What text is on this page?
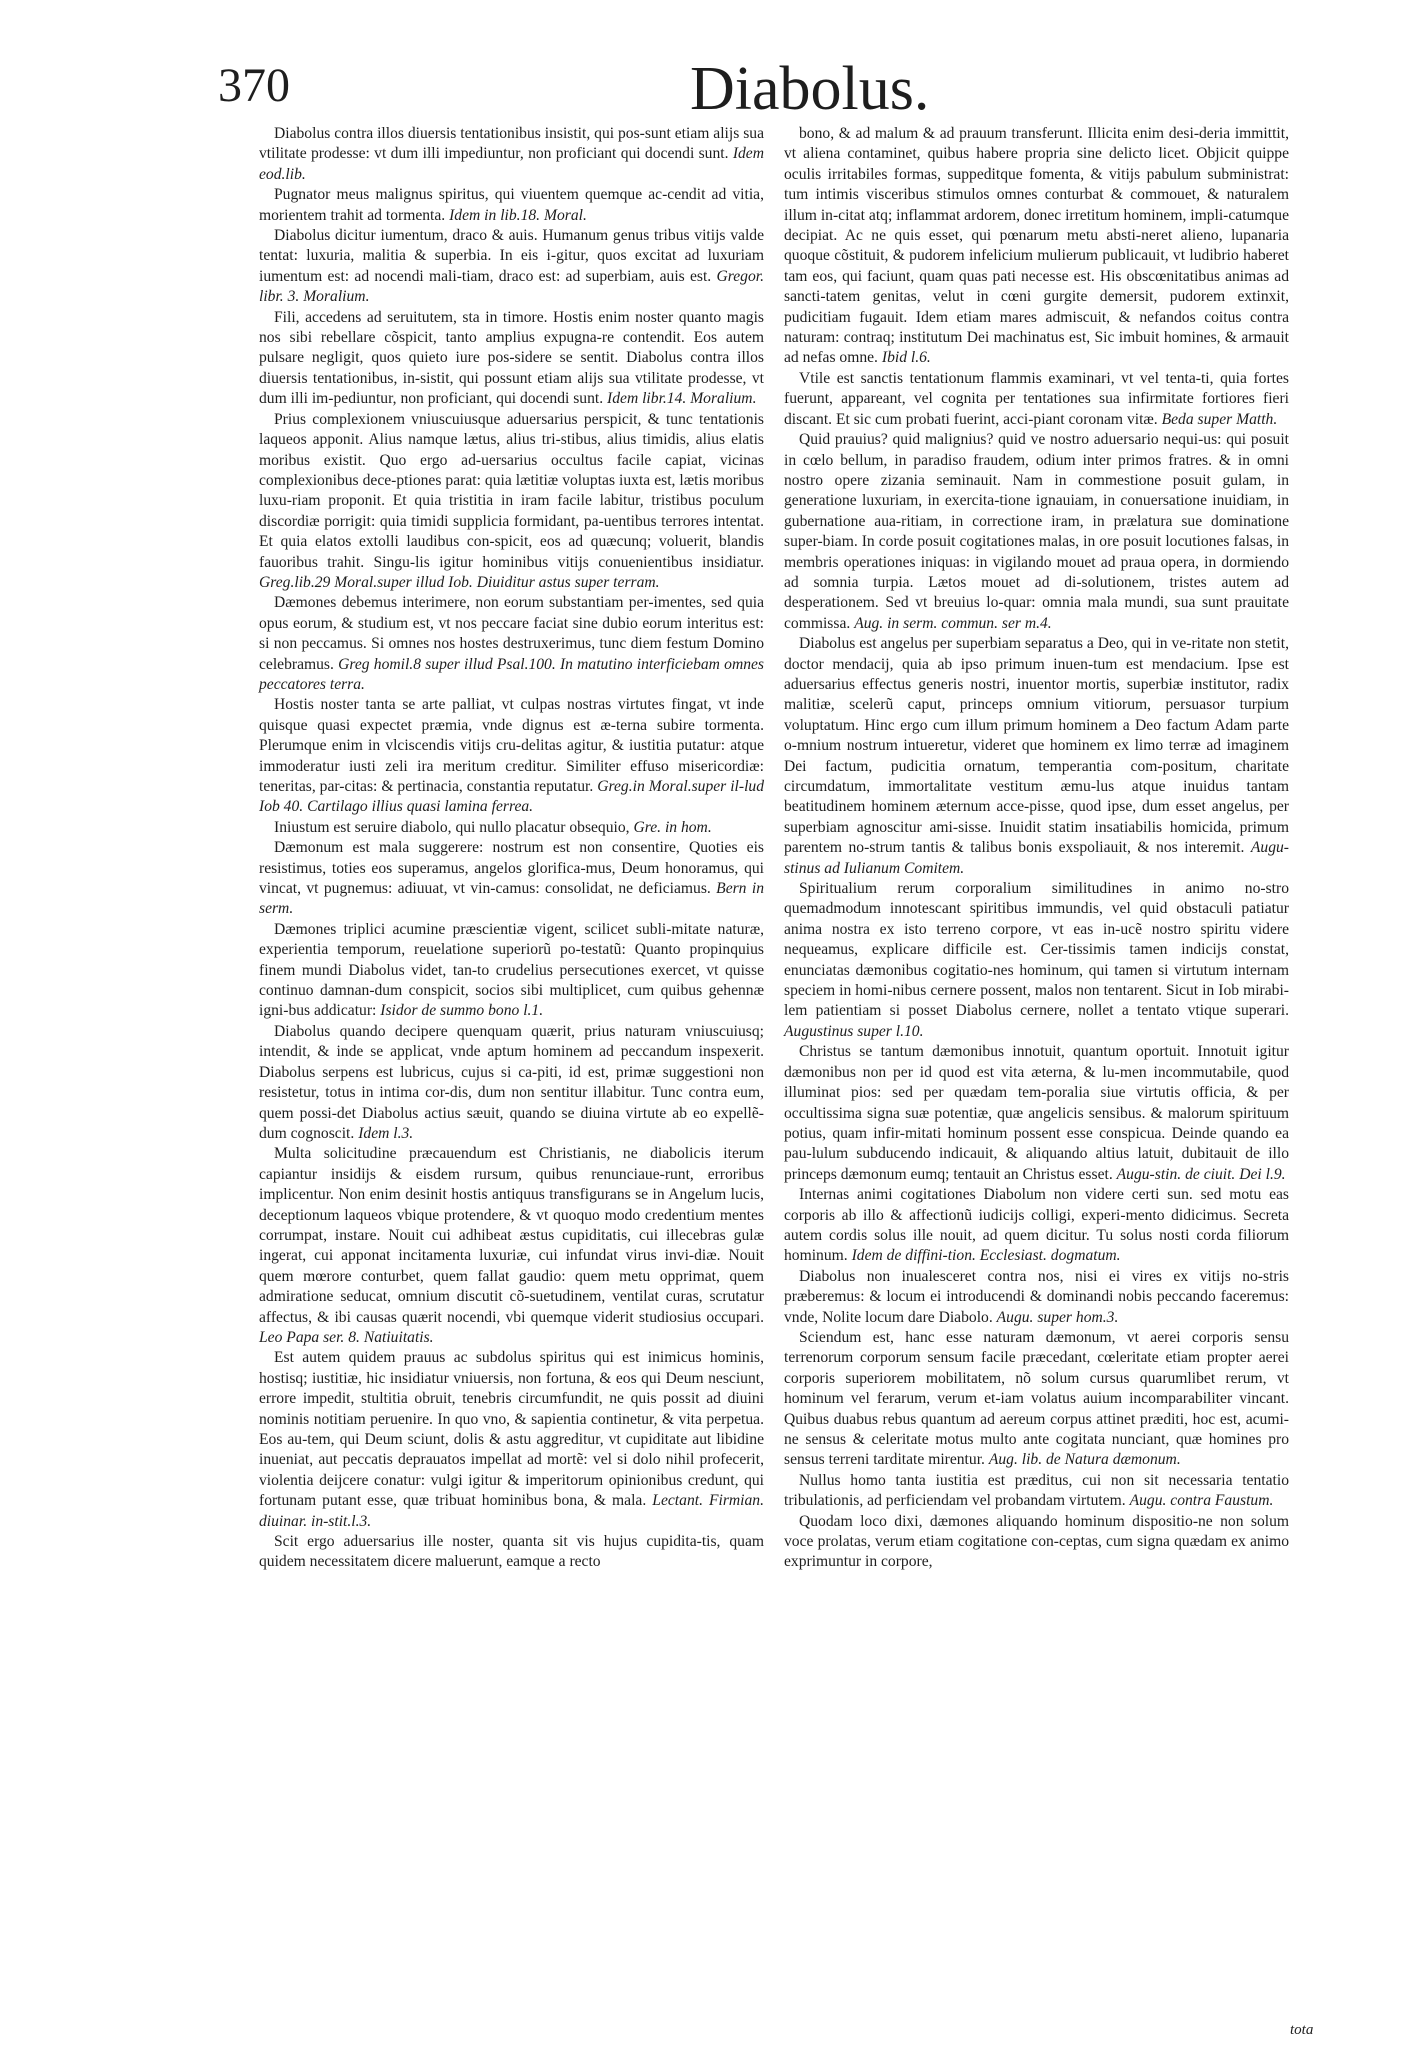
370	Diabolus.

Diabolus contra illos diuersis tentationibus insistit, qui pos-sunt etiam alijs sua vtilitate prodesse: vt dum illi impediuntur, non proficiant qui docendi sunt. Idem eod.lib.

Pugnator meus malignus spiritus, qui viuentem quemque ac-cendit ad vitia, morientem trahit ad tormenta. Idem in lib.18. Moral.

Diabolus dicitur iumentum, draco & auis. Humanum genus tribus vitijs valde tentat: luxuria, malitia & superbia. In eis i-gitur, quos excitat ad luxuriam iumentum est: ad nocendi mali-tiam, draco est: ad superbiam, auis est. Gregor. libr. 3. Moralium.

Fili, accedens ad seruitutem, sta in timore. Hostis enim noster quanto magis nos sibi rebellare cõspicit, tanto amplius expugna-re contendit. Eos autem pulsare negligit, quos quieto iure pos-sidere se sentit. Diabolus contra illos diuersis tentationibus, in-sistit, qui possunt etiam alijs sua vtilitate prodesse, vt dum illi im-pediuntur, non proficiant, qui docendi sunt. Idem libr.14. Moralium.

Prius complexionem vniuscuiusque aduersarius perspicit, & tunc tentationis laqueos apponit. Alius namque lætus, alius tri-stibus, alius timidis, alius elatis moribus existit. Quo ergo ad-uersarius occultus facile capiat, vicinas complexionibus dece-ptiones parat: quia lætitiæ voluptas iuxta est, lætis moribus luxu-riam proponit. Et quia tristitia in iram facile labitur, tristibus poculum discordiæ porrigit: quia timidi supplicia formidant, pa-uentibus terrores intentat. Et quia elatos extolli laudibus con-spicit, eos ad quæcunq; voluerit, blandis fauoribus trahit. Singu-lis igitur hominibus vitijs conuenientibus insidiatur. Greg.lib.29 Moral.super illud Iob. Diuiditur astus super terram.

Dæmones debemus interimere, non eorum substantiam per-imentes, sed quia opus eorum, & studium est, vt nos peccare faciat sine dubio eorum interitus est: si non peccamus. Si omnes nos hostes destruxerimus, tunc diem festum Domino celebramus. Greg homil.8 super illud Psal.100. In matutino interficiebam omnes peccatores terra.

Hostis noster tanta se arte palliat, vt culpas nostras virtutes fingat, vt inde quisque quasi expectet præmia, vnde dignus est æ-terna subire tormenta. Plerumque enim in vlciscendis vitijs cru-delitas agitur, & iustitia putatur: atque immoderatur iusti zeli ira meritum creditur. Similiter effuso misericordiæ: teneritas, par-citas: & pertinacia, constantia reputatur. Greg.in Moral.super il-lud Iob 40. Cartilago illius quasi lamina ferrea.

Iniustum est seruire diabolo, qui nullo placatur obsequio, Gre. in hom.

Dæmonum est mala suggerere: nostrum est non consentire, Quoties eis resistimus, toties eos superamus, angelos glorifica-mus, Deum honoramus, qui vincat, vt pugnemus: adiuuat, vt vin-camus: consolidat, ne deficiamus. Bern in serm.

Dæmones triplici acumine præscientiæ vigent, scilicet subli-mitate naturæ, experientia temporum, reuelatione superiorũ po-testatũ: Quanto propinquius finem mundi Diabolus videt, tan-to crudelius persecutiones exercet, vt quisse continuo damnan-dum conspicit, socios sibi multiplicet, cum quibus gehennæ igni-bus addicatur: Isidor de summo bono l.1.

Diabolus quando decipere quenquam quærit, prius naturam vniuscuiusq; intendit, & inde se applicat, vnde aptum hominem ad peccandum inspexerit. Diabolus serpens est lubricus, cujus si ca-piti, id est, primæ suggestioni non resistetur, totus in intima cor-dis, dum non sentitur illabitur. Tunc contra eum, quem possi-det Diabolus actius sæuit, quando se diuina virtute ab eo expellẽ-dum cognoscit. Idem l.3.

Multa solicitudine præcauendum est Christianis, ne diabolicis iterum capiantur insidijs & eisdem rursum, quibus renunciaue-runt, erroribus implicentur. Non enim desinit hostis antiquus transfigurans se in Angelum lucis, deceptionum laqueos vbique protendere, & vt quoquo modo credentium mentes corrumpat, instare. Nouit cui adhibeat æstus cupiditatis, cui illecebras gulæ ingerat, cui apponat incitamenta luxuriæ, cui infundat virus invi-diæ. Nouit quem mœrore conturbet, quem fallat gaudio: quem metu opprimat, quem admiratione seducat, omnium discutit cõ-suetudinem, ventilat curas, scrutatur affectus, & ibi causas quærit nocendi, vbi quemque viderit studiosius occupari. Leo Papa ser. 8. Natiuitatis.

Est autem quidem prauus ac subdolus spiritus qui est inimicus hominis, hostisq; iustitiæ, hic insidiatur vniuersis, non fortuna, & eos qui Deum nesciunt, errore impedit, stultitia obruit, tenebris circumfundit, ne quis possit ad diuini nominis notitiam peruenire. In quo vno, & sapientia continetur, & vita perpetua. Eos au-tem, qui Deum sciunt, dolis & astu aggreditur, vt cupiditate aut libidine inueniat, aut peccatis deprauatos impellat ad mortẽ: vel si dolo nihil profecerit, violentia deijcere conatur: vulgi igitur & imperitorum opinionibus credunt, qui fortunam putant esse, quæ tribuat hominibus bona, & mala. Lectant. Firmian. diuinar. in-stit.l.3.

Scit ergo aduersarius ille noster, quanta sit vis hujus cupidita-tis, quam quidem necessitatem dicere maluerunt, eamque a recto

bono, & ad malum & ad prauum transferunt. Illicita enim desi-deria immittit, vt aliena contaminet, quibus habere propria sine delicto licet. Objicit quippe oculis irritabiles formas, suppeditque fomenta, & vitijs pabulum subministrat: tum intimis visceribus stimulos omnes conturbat & commouet, & naturalem illum in-citat atq; inflammat ardorem, donec irretitum hominem, impli-catumque decipiat. Ac ne quis esset, qui pœnarum metu absti-neret alieno, lupanaria quoque cõstituit, & pudorem infelicium mulierum publicauit, vt ludibrio haberet tam eos, qui faciunt, quam quas pati necesse est. His obscœnitatibus animas ad sancti-tatem genitas, velut in cœni gurgite demersit, pudorem extinxit, pudicitiam fugauit. Idem etiam mares admiscuit, & nefandos coitus contra naturam: contraq; institutum Dei machinatus est, Sic imbuit homines, & armauit ad nefas omne. Ibid l.6.

Vtile est sanctis tentationum flammis examinari, vt vel tenta-ti, quia fortes fuerunt, appareant, vel cognita per tentationes sua infirmitate fortiores fieri discant. Et sic cum probati fuerint, acci-piant coronam vitæ. Beda super Matth.

Quid prauius? quid malignius? quid ve nostro aduersario nequi-us: qui posuit in cœlo bellum, in paradiso fraudem, odium inter primos fratres. & in omni nostro opere zizania seminauit. Nam in commestione posuit gulam, in generatione luxuriam, in exercita-tione ignauiam, in conuersatione inuidiam, in gubernatione aua-ritiam, in correctione iram, in prælatura sue dominatione super-biam. In corde posuit cogitationes malas, in ore posuit locutiones falsas, in membris operationes iniquas: in vigilando mouet ad praua opera, in dormiendo ad somnia turpia. Lætos mouet ad di-solutionem, tristes autem ad desperationem. Sed vt breuius lo-quar: omnia mala mundi, sua sunt prauitate commissa. Aug. in serm. commun. ser m.4.

Diabolus est angelus per superbiam separatus a Deo, qui in ve-ritate non stetit, doctor mendacij, quia ab ipso primum inuen-tum est mendacium. Ipse est aduersarius effectus generis nostri, inuentor mortis, superbiæ institutor, radix malitiæ, scelerũ caput, princeps omnium vitiorum, persuasor turpium voluptatum. Hinc ergo cum illum primum hominem a Deo factum Adam parte o-mnium nostrum intueretur, videret que hominem ex limo terræ ad imaginem Dei factum, pudicitia ornatum, temperantia com-positum, charitate circumdatum, immortalitate vestitum æmu-lus atque inuidus tantam beatitudinem hominem æternum acce-pisse, quod ipse, dum esset angelus, per superbiam agnoscitur ami-sisse. Inuidit statim insatiabilis homicida, primum parentem no-strum tantis & talibus bonis exspoliauit, & nos interemit. Augu-stinus ad Iulianum Comitem.

Spiritualium rerum corporalium similitudines in animo no-stro quemadmodum innotescant spiritibus immundis, vel quid obstaculi patiatur anima nostra ex isto terreno corpore, vt eas in-ucẽ nostro spiritu videre nequeamus, explicare difficile est. Cer-tissimis tamen indicijs constat, enunciatas dæmonibus cogitatio-nes hominum, qui tamen si virtutum internam speciem in homi-nibus cernere possent, malos non tentarent. Sicut in Iob mirabi-lem patientiam si posset Diabolus cernere, nollet a tentato vtique superari. Augustinus super l.10.

Christus se tantum dæmonibus innotuit, quantum oportuit. Innotuit igitur dæmonibus non per id quod est vita æterna, & lu-men incommutabile, quod illuminat pios: sed per quædam tem-poralia siue virtutis officia, & per occultissima signa suæ potentiæ, quæ angelicis sensibus. & malorum spirituum potius, quam infir-mitati hominum possent esse conspicua. Deinde quando ea pau-lulum subducendo indicauit, & aliquando altius latuit, dubitauit de illo princeps dæmonum eumq; tentauit an Christus esset. Augu-stin. de ciuit. Dei l.9.

Internas animi cogitationes Diabolum non videre certi sun. sed motu eas corporis ab illo & affectionũ iudicijs colligi, experi-mento didicimus. Secreta autem cordis solus ille nouit, ad quem dicitur. Tu solus nosti corda filiorum hominum. Idem de diffini-tion. Ecclesiast. dogmatum.

Diabolus non inualesceret contra nos, nisi ei vires ex vitijs no-stris præberemus: & locum ei introducendi & dominandi nobis peccando faceremus: vnde, Nolite locum dare Diabolo. Augu. super hom.3.

Sciendum est, hanc esse naturam dæmonum, vt aerei corporis sensu terrenorum corporum sensum facile præcedant, cœleritate etiam propter aerei corporis superiorem mobilitatem, nõ solum cursus quarumlibet rerum, vt hominum vel ferarum, verum et-iam volatus auium incomparabiliter vincant. Quibus duabus rebus quantum ad aereum corpus attinet præditi, hoc est, acumi-ne sensus & celeritate motus multo ante cogitata nunciant, quæ homines pro sensus terreni tarditate mirentur. Aug. lib. de Natura dæmonum.

Nullus homo tanta iustitia est præditus, cui non sit necessaria tentatio tribulationis, ad perficiendam vel probandam virtutem. Augu. contra Faustum.

Quodam loco dixi, dæmones aliquando hominum dispositio-ne non solum voce prolatas, verum etiam cogitatione con-ceptas, cum signa quædam ex animo exprimuntur in corpore,

tota
